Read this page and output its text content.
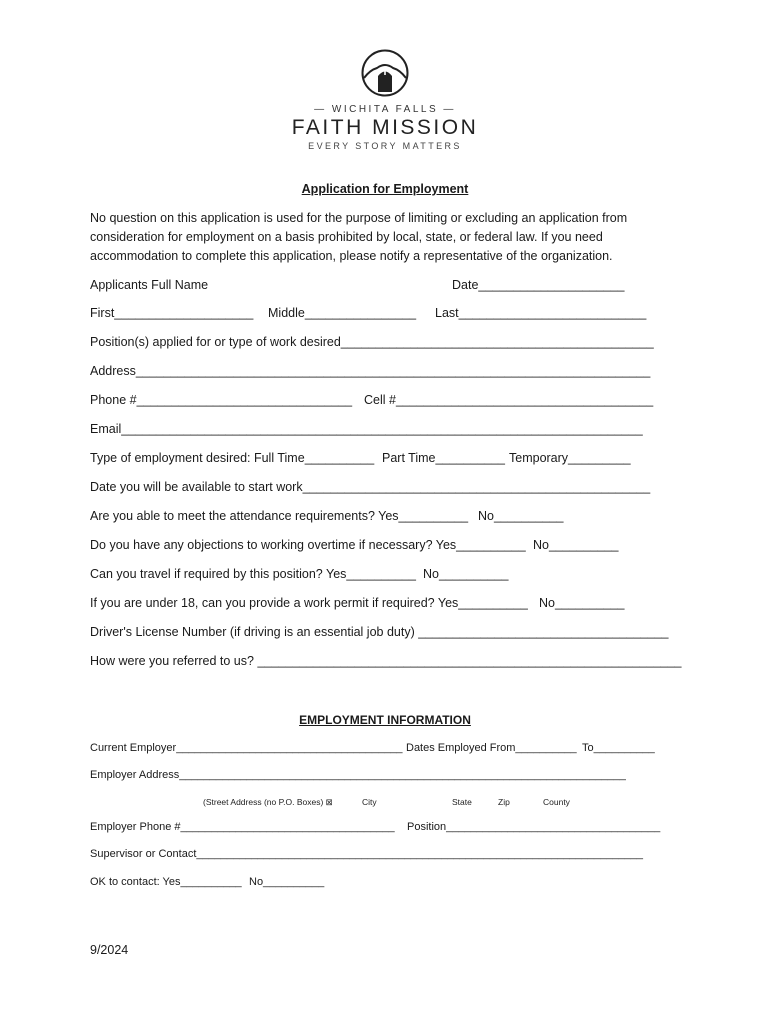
— WICHITA FALLS —
FAITH MISSION
EVERY STORY MATTERS
Application for Employment

No question on this application is used for the purpose of limiting or excluding an application from consideration for employment on a basis prohibited by local, state, or federal law. If you need accommodation to complete this application, please notify a representative of the organization.

Applicants Full Name	Date_____________________
First____________________ Middle________________ Last___________________________
Position(s) applied for or type of work desired_____________________________________________
Address__________________________________________________________________________
Phone #_______________________________ Cell #_____________________________________
Email___________________________________________________________________________
Type of employment desired: Full Time__________ Part Time__________ Temporary_________
Date you will be available to start work__________________________________________________
Are you able to meet the attendance requirements? Yes__________ No__________
Do you have any objections to working overtime if necessary? Yes__________ No__________
Can you travel if required by this position? Yes__________ No__________
If you are under 18, can you provide a work permit if required? Yes__________ No__________
Driver's License Number (if driving is an essential job duty) ____________________________________
How were you referred to us? _____________________________________________________________
EMPLOYMENT INFORMATION
Current Employer_____________________________________ Dates Employed From__________ To__________
Employer Address_________________________________________________________________________
(Street Address (no P.O. Boxes) ⊠	City	State	Zip	County
Employer Phone #___________________________________ Position___________________________________
Supervisor or Contact_________________________________________________________________________
OK to contact: Yes__________ No__________
9/2024
